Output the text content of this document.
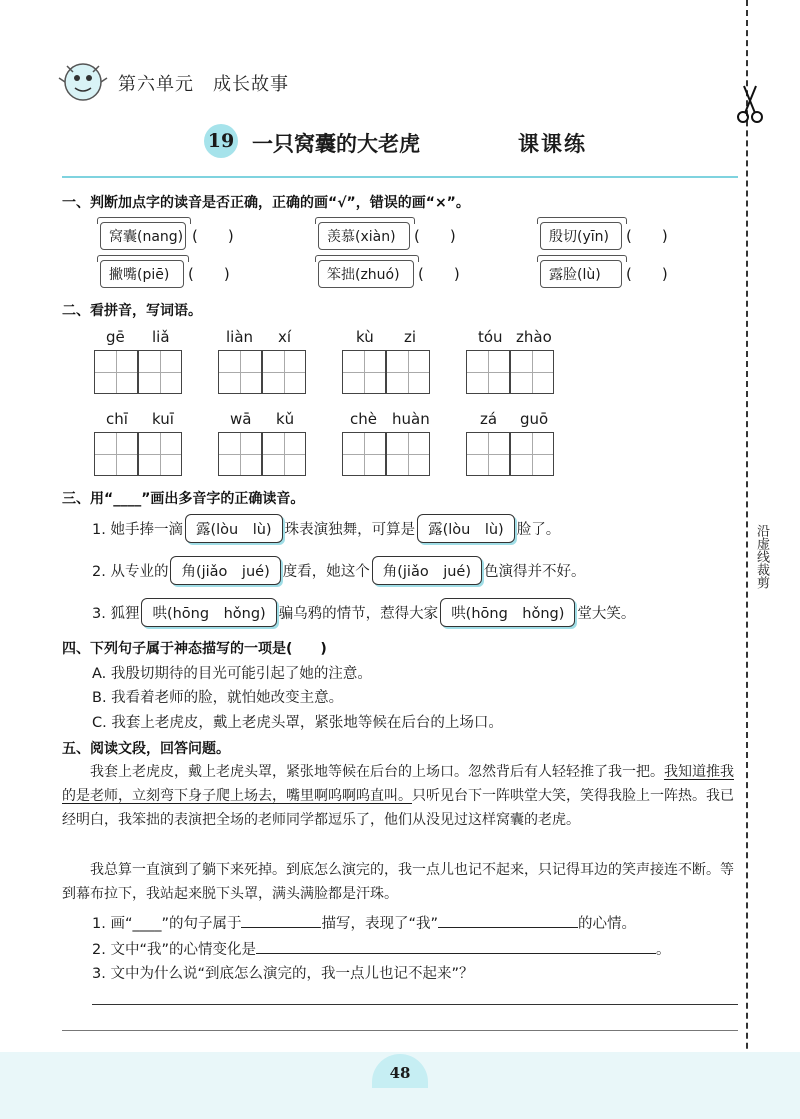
沿虚线裁剪
第六单元　成长故事
19 一只窝囊的大老虎	课课练
一、判断加点字的读音是否正确，正确的画“√”，错误的画“×”。
窝囊(nang) (　　)	羡慕(xiàn)	(　　)	殷切(yīn)	(　　)
撇嘴(piē)	(　　)	笨拙(zhuó)	(　　)	露脸(lù)	(　　)
二、看拼音，写词语。
gē liǎ	liàn xí	kù zi	tóu zhào
chī kuī	wā kǔ	chè huàn	zá guō
三、用“____”画出多音字的正确读音。
1. 她手捧一滴 露(lòu　lù) 珠表演独舞，可算是 露(lòu　lù) 脸了。
2. 从专业的 角(jiǎo　jué) 度看，她这个 角(jiǎo　jué) 色演得并不好。
3. 狐狸 哄(hōng　hǒng) 骗乌鸦的情节，惹得大家 哄(hōng　hǒng) 堂大笑。
四、下列句子属于神态描写的一项是(　　)
A. 我殷切期待的目光可能引起了她的注意。
B. 我看着老师的脸，就怕她改变主意。
C. 我套上老虎皮，戴上老虎头罩，紧张地等候在后台的上场口。
五、阅读文段，回答问题。
　　我套上老虎皮，戴上老虎头罩，紧张地等候在后台的上场口。忽然背后有人轻轻推了我一把。我知道推我的是老师，立刻弯下身子爬上场去，嘴里啊呜啊呜直叫。只听见台下一阵哄堂大笑，笑得我脸上一阵热。我已经明白，我笨拙的表演把全场的老师同学都逗乐了，他们从没见过这样窝囊的老虎。
　　我总算一直演到了躺下来死掉。到底怎么演完的，我一点儿也记不起来，只记得耳边的笑声接连不断。等到幕布拉下，我站起来脱下头罩，满头满脸都是汗珠。
1. 画“____”的句子属于	描写，表现了“我”	的心情。
2. 文中“我”的心情变化是	。
3. 文中为什么说“到底怎么演完的，我一点儿也记不起来”？
48
